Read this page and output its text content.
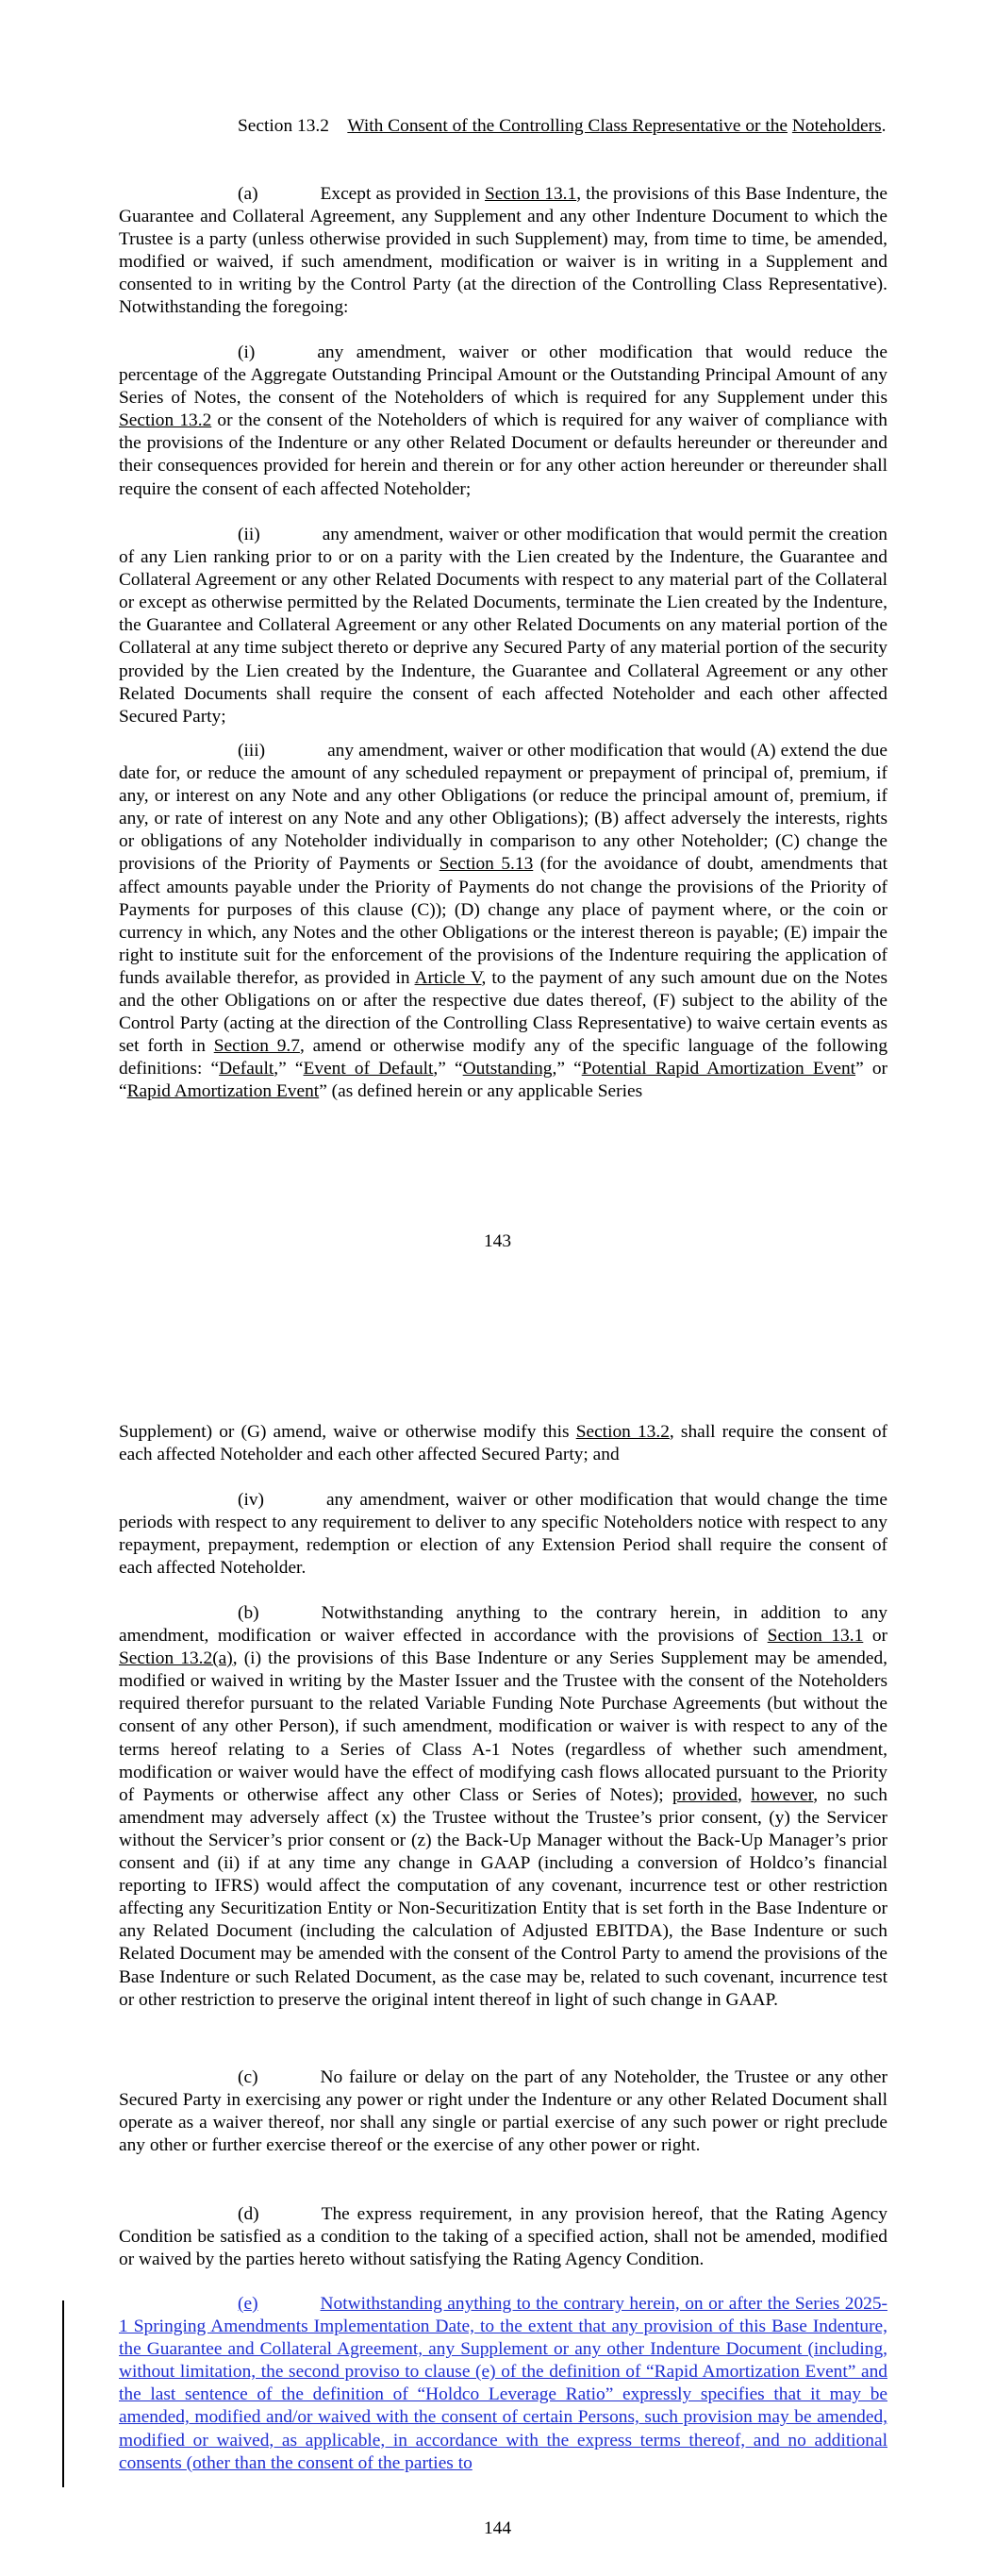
Section 13.2 With Consent of the Controlling Class Representative or the Noteholders.
(a)	Except as provided in Section 13.1, the provisions of this Base Indenture, the Guarantee and Collateral Agreement, any Supplement and any other Indenture Document to which the Trustee is a party (unless otherwise provided in such Supplement) may, from time to time, be amended, modified or waived, if such amendment, modification or waiver is in writing in a Supplement and consented to in writing by the Control Party (at the direction of the Controlling Class Representative). Notwithstanding the foregoing:
(i)	any amendment, waiver or other modification that would reduce the percentage of the Aggregate Outstanding Principal Amount or the Outstanding Principal Amount of any Series of Notes, the consent of the Noteholders of which is required for any Supplement under this Section 13.2 or the consent of the Noteholders of which is required for any waiver of compliance with the provisions of the Indenture or any other Related Document or defaults hereunder or thereunder and their consequences provided for herein and therein or for any other action hereunder or thereunder shall require the consent of each affected Noteholder;
(ii)	any amendment, waiver or other modification that would permit the creation of any Lien ranking prior to or on a parity with the Lien created by the Indenture, the Guarantee and Collateral Agreement or any other Related Documents with respect to any material part of the Collateral or except as otherwise permitted by the Related Documents, terminate the Lien created by the Indenture, the Guarantee and Collateral Agreement or any other Related Documents on any material portion of the Collateral at any time subject thereto or deprive any Secured Party of any material portion of the security provided by the Lien created by the Indenture, the Guarantee and Collateral Agreement or any other Related Documents shall require the consent of each affected Noteholder and each other affected Secured Party;
(iii)	any amendment, waiver or other modification that would (A) extend the due date for, or reduce the amount of any scheduled repayment or prepayment of principal of, premium, if any, or interest on any Note and any other Obligations (or reduce the principal amount of, premium, if any, or rate of interest on any Note and any other Obligations); (B) affect adversely the interests, rights or obligations of any Noteholder individually in comparison to any other Noteholder; (C) change the provisions of the Priority of Payments or Section 5.13 (for the avoidance of doubt, amendments that affect amounts payable under the Priority of Payments do not change the provisions of the Priority of Payments for purposes of this clause (C)); (D) change any place of payment where, or the coin or currency in which, any Notes and the other Obligations or the interest thereon is payable; (E) impair the right to institute suit for the enforcement of the provisions of the Indenture requiring the application of funds available therefor, as provided in Article V, to the payment of any such amount due on the Notes and the other Obligations on or after the respective due dates thereof, (F) subject to the ability of the Control Party (acting at the direction of the Controlling Class Representative) to waive certain events as set forth in Section 9.7, amend or otherwise modify any of the specific language of the following definitions: “Default,” “Event of Default,” “Outstanding,” “Potential Rapid Amortization Event” or “Rapid Amortization Event” (as defined herein or any applicable Series
143
Supplement) or (G) amend, waive or otherwise modify this Section 13.2, shall require the consent of each affected Noteholder and each other affected Secured Party; and
(iv)	any amendment, waiver or other modification that would change the time periods with respect to any requirement to deliver to any specific Noteholders notice with respect to any repayment, prepayment, redemption or election of any Extension Period shall require the consent of each affected Noteholder.
(b)	Notwithstanding anything to the contrary herein, in addition to any amendment, modification or waiver effected in accordance with the provisions of Section 13.1 or Section 13.2(a), (i) the provisions of this Base Indenture or any Series Supplement may be amended, modified or waived in writing by the Master Issuer and the Trustee with the consent of the Noteholders required therefor pursuant to the related Variable Funding Note Purchase Agreements (but without the consent of any other Person), if such amendment, modification or waiver is with respect to any of the terms hereof relating to a Series of Class A-1 Notes (regardless of whether such amendment, modification or waiver would have the effect of modifying cash flows allocated pursuant to the Priority of Payments or otherwise affect any other Class or Series of Notes); provided, however, no such amendment may adversely affect (x) the Trustee without the Trustee’s prior consent, (y) the Servicer without the Servicer’s prior consent or (z) the Back-Up Manager without the Back-Up Manager’s prior consent and (ii) if at any time any change in GAAP (including a conversion of Holdco’s financial reporting to IFRS) would affect the computation of any covenant, incurrence test or other restriction affecting any Securitization Entity or Non-Securitization Entity that is set forth in the Base Indenture or any Related Document (including the calculation of Adjusted EBITDA), the Base Indenture or such Related Document may be amended with the consent of the Control Party to amend the provisions of the Base Indenture or such Related Document, as the case may be, related to such covenant, incurrence test or other restriction to preserve the original intent thereof in light of such change in GAAP.
(c)	No failure or delay on the part of any Noteholder, the Trustee or any other Secured Party in exercising any power or right under the Indenture or any other Related Document shall operate as a waiver thereof, nor shall any single or partial exercise of any such power or right preclude any other or further exercise thereof or the exercise of any other power or right.
(d)	The express requirement, in any provision hereof, that the Rating Agency Condition be satisfied as a condition to the taking of a specified action, shall not be amended, modified or waived by the parties hereto without satisfying the Rating Agency Condition.
(e)	Notwithstanding anything to the contrary herein, on or after the Series 2025-1 Springing Amendments Implementation Date, to the extent that any provision of this Base Indenture, the Guarantee and Collateral Agreement, any Supplement or any other Indenture Document (including, without limitation, the second proviso to clause (e) of the definition of “Rapid Amortization Event” and the last sentence of the definition of “Holdco Leverage Ratio” expressly specifies that it may be amended, modified and/or waived with the consent of certain Persons, such provision may be amended, modified or waived, as applicable, in accordance with the express terms thereof, and no additional consents (other than the consent of the parties to
144
